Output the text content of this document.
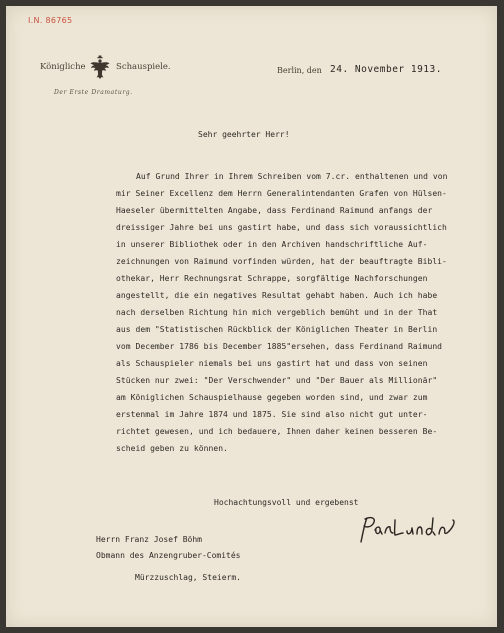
I.N. 86765
Königliche	Schauspiele.
Der Erste Dramaturg.
Berlin, den 24. November 1913.
Sehr geehrter Herr!
Auf Grund Ihrer in Ihrem Schreiben vom 7.cr. enthaltenen und von
mir Seiner Excellenz dem Herrn Generalintendanten Grafen von Hülsen-
Haeseler übermittelten Angabe, dass Ferdinand Raimund anfangs der
dreissiger Jahre bei uns gastirt habe, und dass sich voraussichtlich
in unserer Bibliothek oder in den Archiven handschriftliche Auf-
zeichnungen von Raimund vorfinden würden, hat der beauftragte Bibli-
othekar, Herr Rechnungsrat Schrappe, sorgfältige Nachforschungen
angestellt, die ein negatives Resultat gehabt haben. Auch ich habe
nach derselben Richtung hin mich vergeblich bemüht und in der That
aus dem "Statistischen Rückblick der Königlichen Theater in Berlin
vom December 1786 bis December 1885"ersehen, dass Ferdinand Raimund
als Schauspieler niemals bei uns gastirt hat und dass von seinen
Stücken nur zwei: "Der Verschwender" und "Der Bauer als Millionär"
am Königlichen Schauspielhause gegeben worden sind, und zwar zum
erstenmal im Jahre 1874 und 1875. Sie sind also nicht gut unter-
richtet gewesen, und ich bedauere, Ihnen daher keinen besseren Be-
scheid geben zu können.
Hochachtungsvoll und ergebenst
Herrn Franz Josef Böhm
Obmann des Anzengruber-Comités
Mürzzuschlag, Steierm.
